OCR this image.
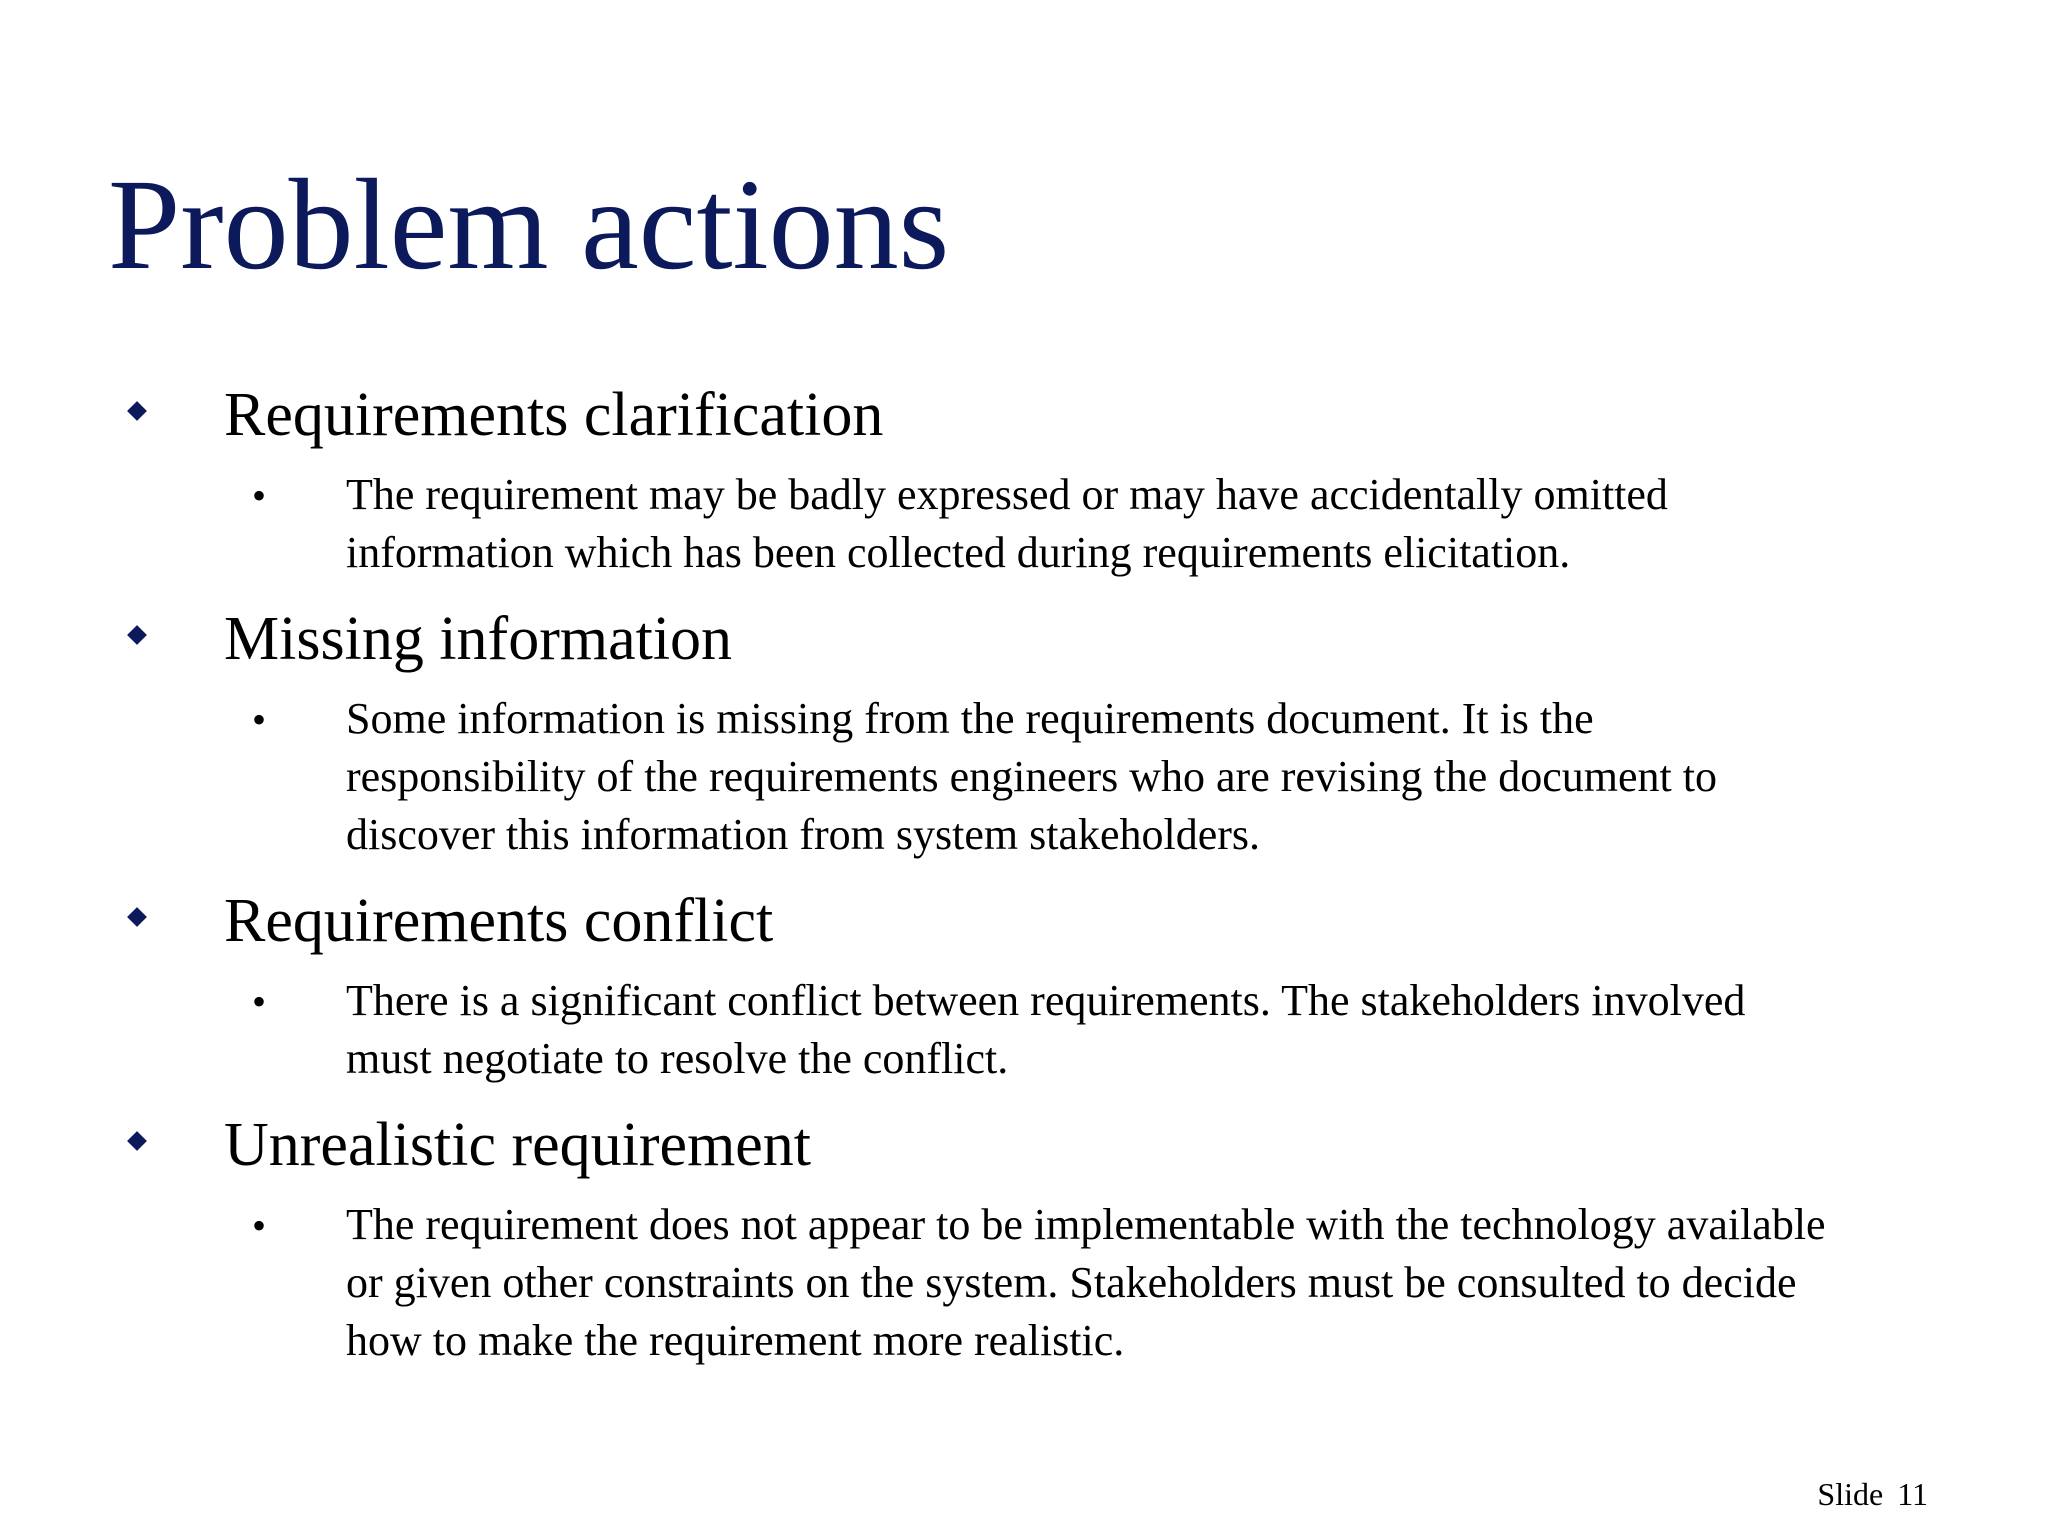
Problem actions
Requirements clarification
• The requirement may be badly expressed or may have accidentally omitted
information which has been collected during requirements elicitation.
Missing information
• Some information is missing from the requirements document. It is the
responsibility of the requirements engineers who are revising the document to
discover this information from system stakeholders.
Requirements conflict
• There is a significant conflict between requirements. The stakeholders involved
must negotiate to resolve the conflict.
Unrealistic requirement
• The requirement does not appear to be implementable with the technology available
or given other constraints on the system. Stakeholders must be consulted to decide
how to make the requirement more realistic.
Slide 11
